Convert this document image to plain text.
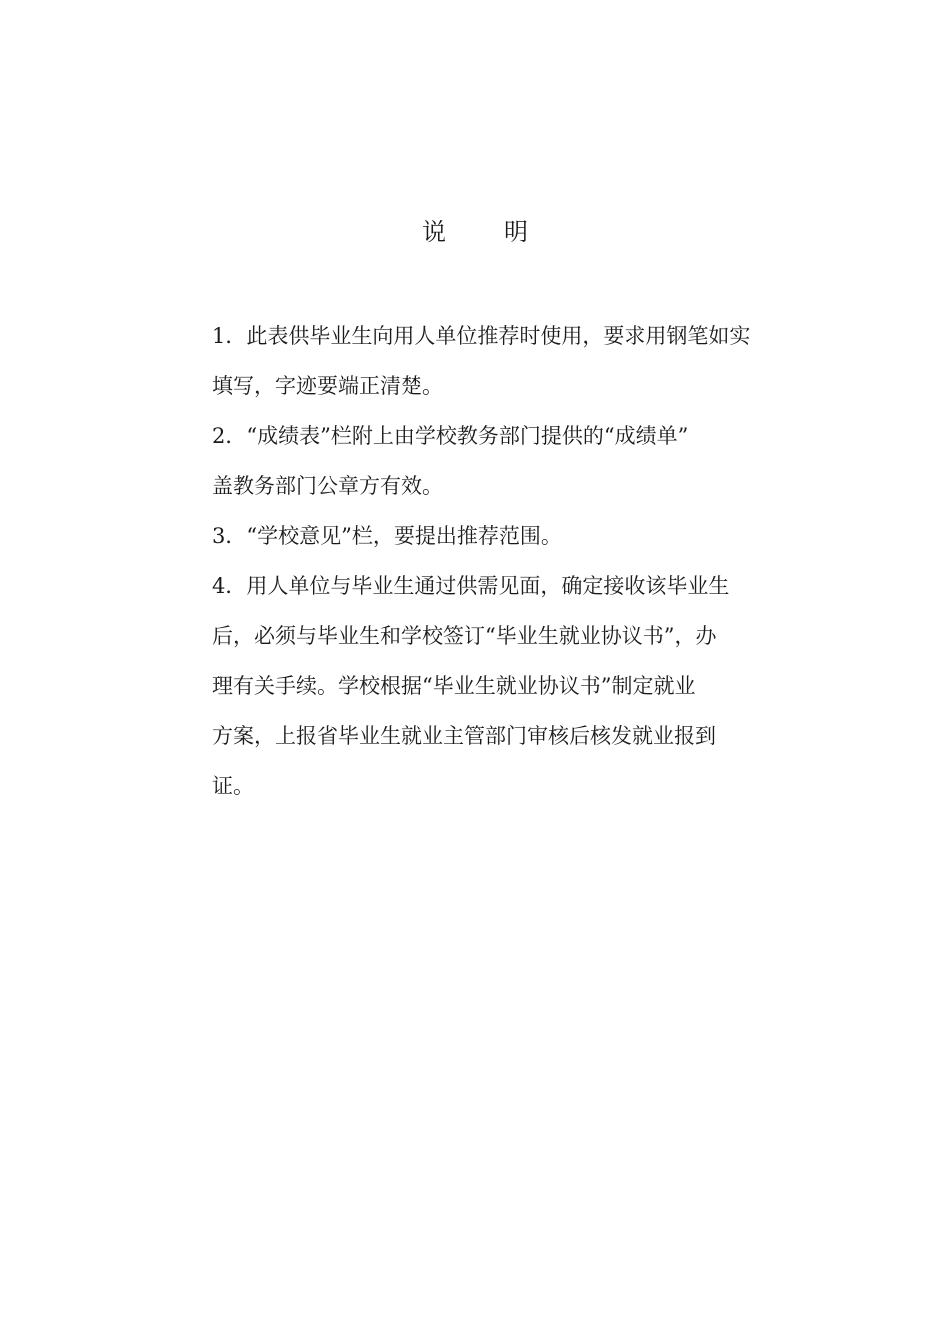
说 明
1．此表供毕业生向用人单位推荐时使用，要求用钢笔如实
填写，字迹要端正清楚。
2．“成绩表”栏附上由学校教务部门提供的“成绩单”
盖教务部门公章方有效。
3．“学校意见”栏，要提出推荐范围。
4．用人单位与毕业生通过供需见面，确定接收该毕业生
后，必须与毕业生和学校签订“毕业生就业协议书”，办
理有关手续。学校根据“毕业生就业协议书”制定就业
方案，上报省毕业生就业主管部门审核后核发就业报到
证。
